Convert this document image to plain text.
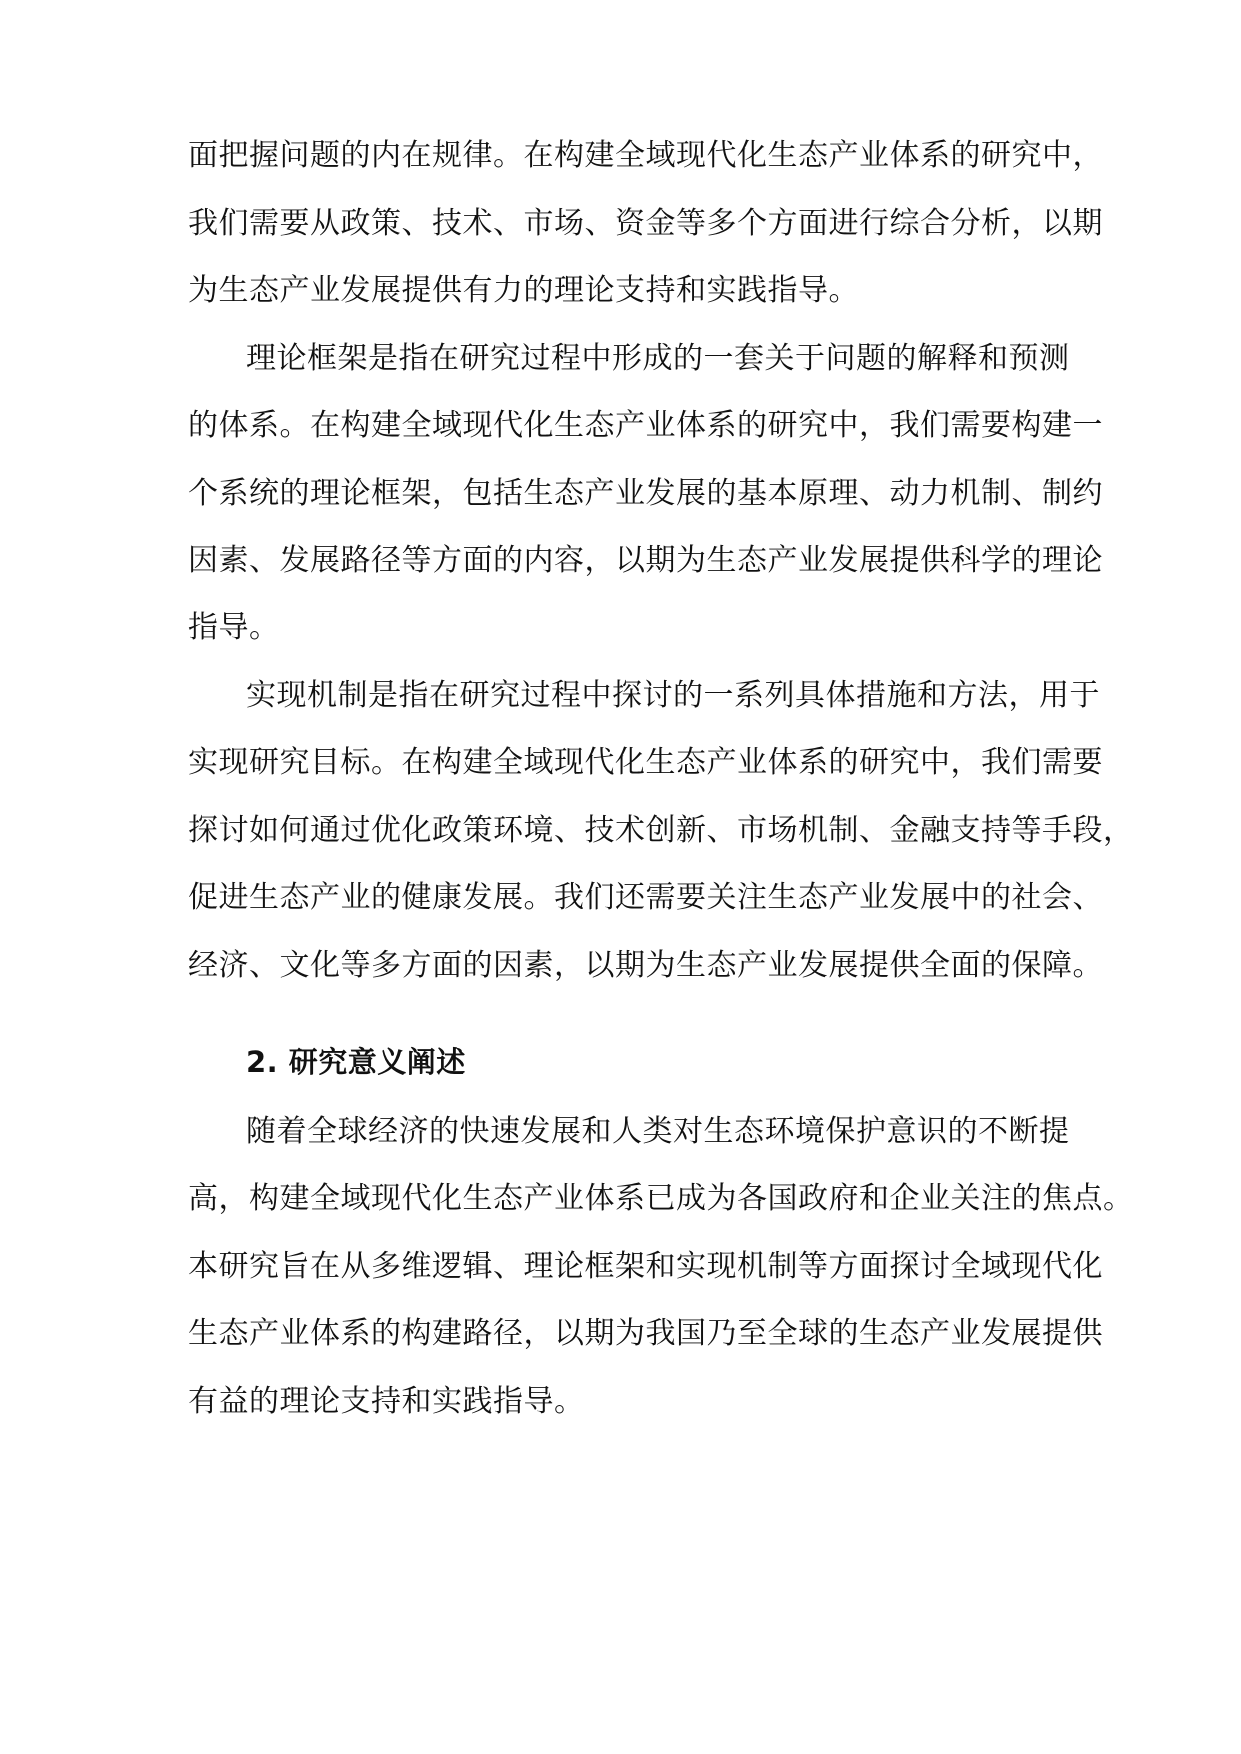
面把握问题的内在规律。在构建全域现代化生态产业体系的研究中，
我们需要从政策、技术、市场、资金等多个方面进行综合分析，以期
为生态产业发展提供有力的理论支持和实践指导。
理论框架是指在研究过程中形成的一套关于问题的解释和预测
的体系。在构建全域现代化生态产业体系的研究中，我们需要构建一
个系统的理论框架，包括生态产业发展的基本原理、动力机制、制约
因素、发展路径等方面的内容，以期为生态产业发展提供科学的理论
指导。
实现机制是指在研究过程中探讨的一系列具体措施和方法，用于
实现研究目标。在构建全域现代化生态产业体系的研究中，我们需要
探讨如何通过优化政策环境、技术创新、市场机制、金融支持等手段，
促进生态产业的健康发展。我们还需要关注生态产业发展中的社会、
经济、文化等多方面的因素，以期为生态产业发展提供全面的保障。
2. 研究意义阐述
随着全球经济的快速发展和人类对生态环境保护意识的不断提
高，构建全域现代化生态产业体系已成为各国政府和企业关注的焦点。
本研究旨在从多维逻辑、理论框架和实现机制等方面探讨全域现代化
生态产业体系的构建路径，以期为我国乃至全球的生态产业发展提供
有益的理论支持和实践指导。
